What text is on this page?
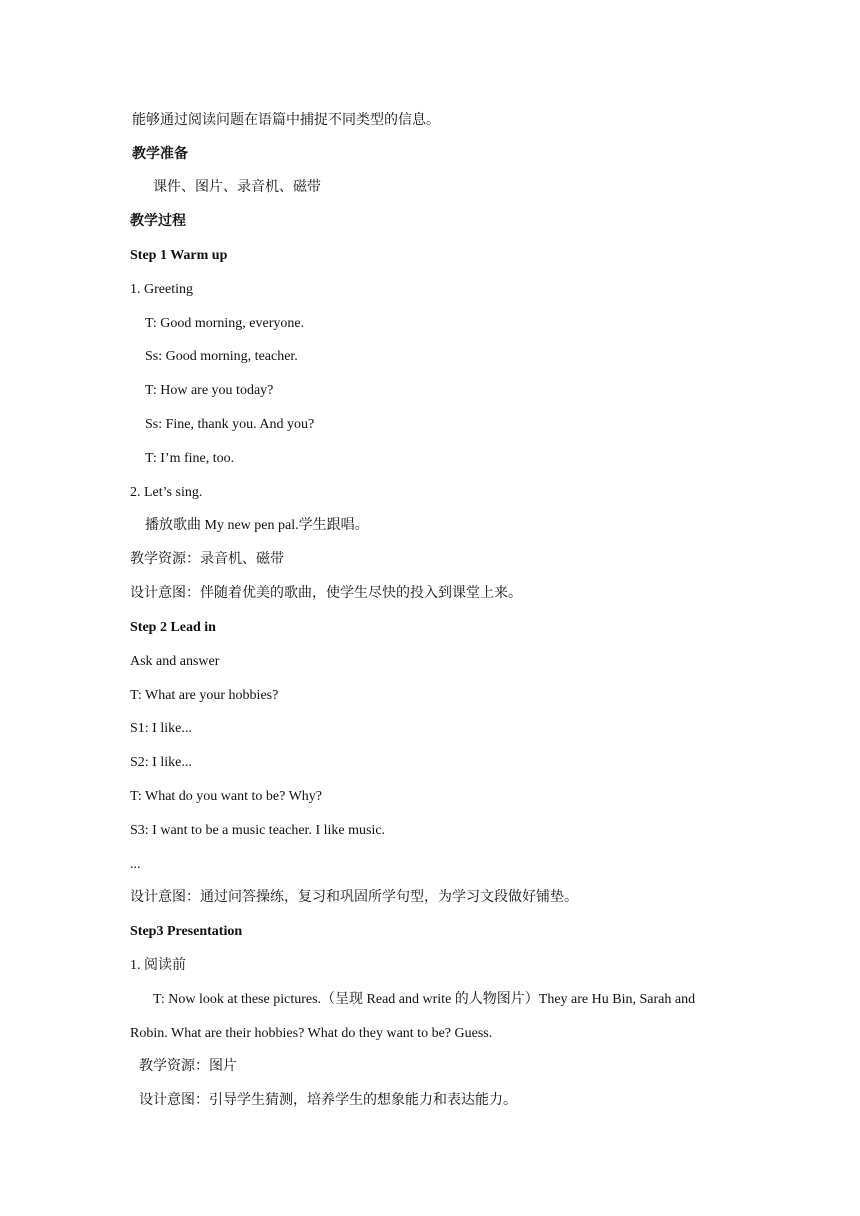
能够通过阅读问题在语篇中捕捉不同类型的信息。
教学准备
课件、图片、录音机、磁带
教学过程
Step 1 Warm up
1. Greeting
T: Good morning, everyone.
Ss: Good morning, teacher.
T: How are you today?
Ss: Fine, thank you. And you?
T: I’m fine, too.
2. Let’s sing.
播放歌曲 My new pen pal.学生跟唱。
教学资源：录音机、磁带
设计意图：伴随着优美的歌曲，使学生尽快的投入到课堂上来。
Step 2 Lead in
Ask and answer
T: What are your hobbies?
S1: I like...
S2: I like...
T: What do you want to be? Why?
S3: I want to be a music teacher. I like music.
...
设计意图：通过问答操练，复习和巩固所学句型，为学习文段做好铺垫。
Step3 Presentation
1. 阅读前
T: Now look at these pictures.（呈现 Read and write 的人物图片）They are Hu Bin, Sarah and
Robin. What are their hobbies? What do they want to be? Guess.
教学资源：图片
设计意图：引导学生猜测，培养学生的想象能力和表达能力。
